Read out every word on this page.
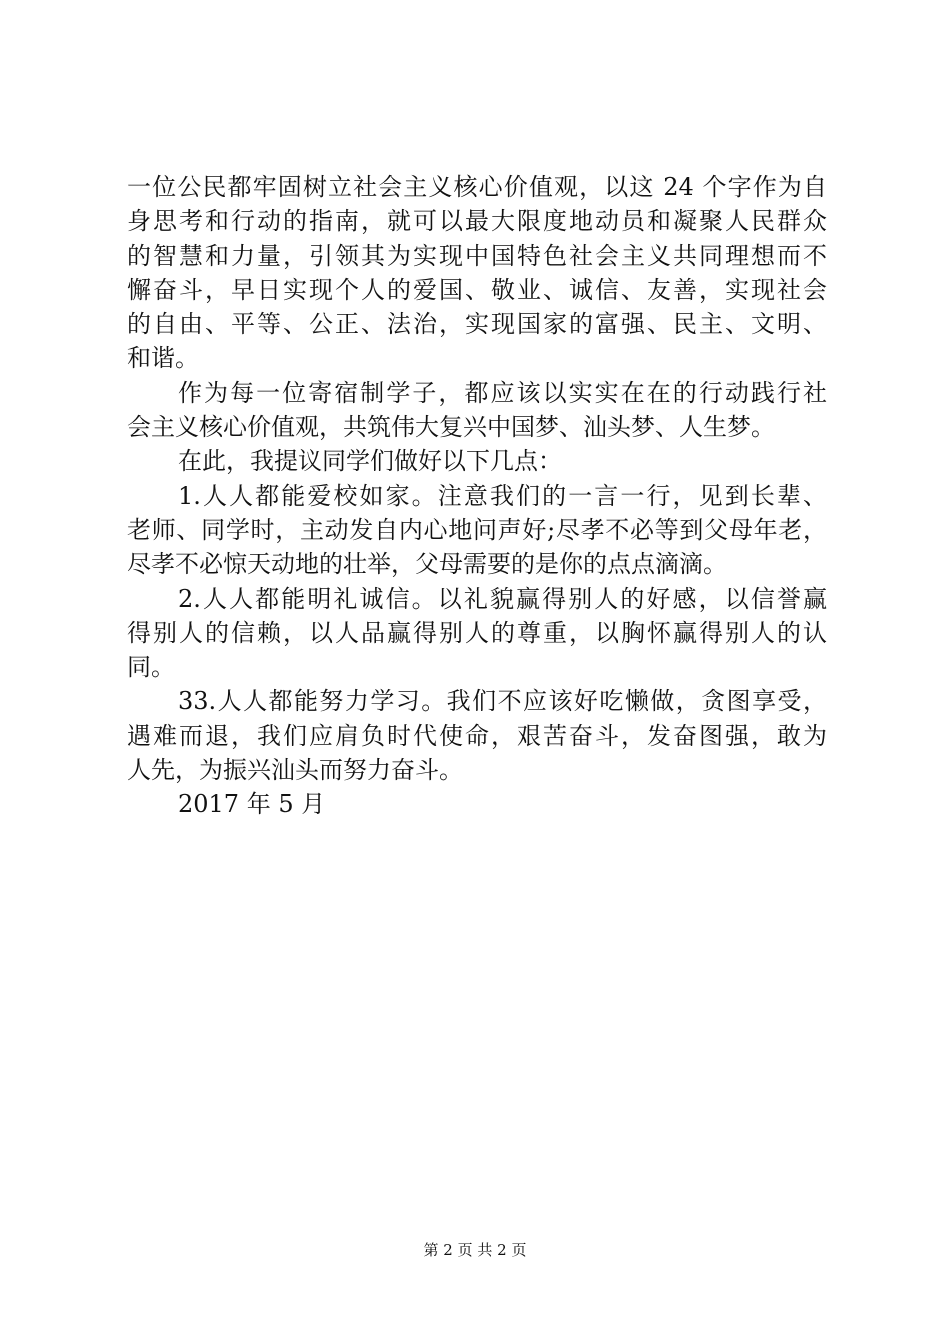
一位公民都牢固树立社会主义核心价值观，以这 24 个字作为自
身思考和行动的指南，就可以最大限度地动员和凝聚人民群众
的智慧和力量，引领其为实现中国特色社会主义共同理想而不
懈奋斗，早日实现个人的爱国、敬业、诚信、友善，实现社会
的自由、平等、公正、法治，实现国家的富强、民主、文明、
和谐。
作为每一位寄宿制学子，都应该以实实在在的行动践行社
会主义核心价值观，共筑伟大复兴中国梦、汕头梦、人生梦。
在此，我提议同学们做好以下几点：
1.人人都能爱校如家。注意我们的一言一行，见到长辈、
老师、同学时，主动发自内心地问声好;尽孝不必等到父母年老，
尽孝不必惊天动地的壮举，父母需要的是你的点点滴滴。
2.人人都能明礼诚信。以礼貌赢得别人的好感，以信誉赢
得别人的信赖，以人品赢得别人的尊重，以胸怀赢得别人的认
同。
33.人人都能努力学习。我们不应该好吃懒做，贪图享受，
遇难而退，我们应肩负时代使命，艰苦奋斗，发奋图强，敢为
人先，为振兴汕头而努力奋斗。
2017 年 5 月
第 2 页 共 2 页
